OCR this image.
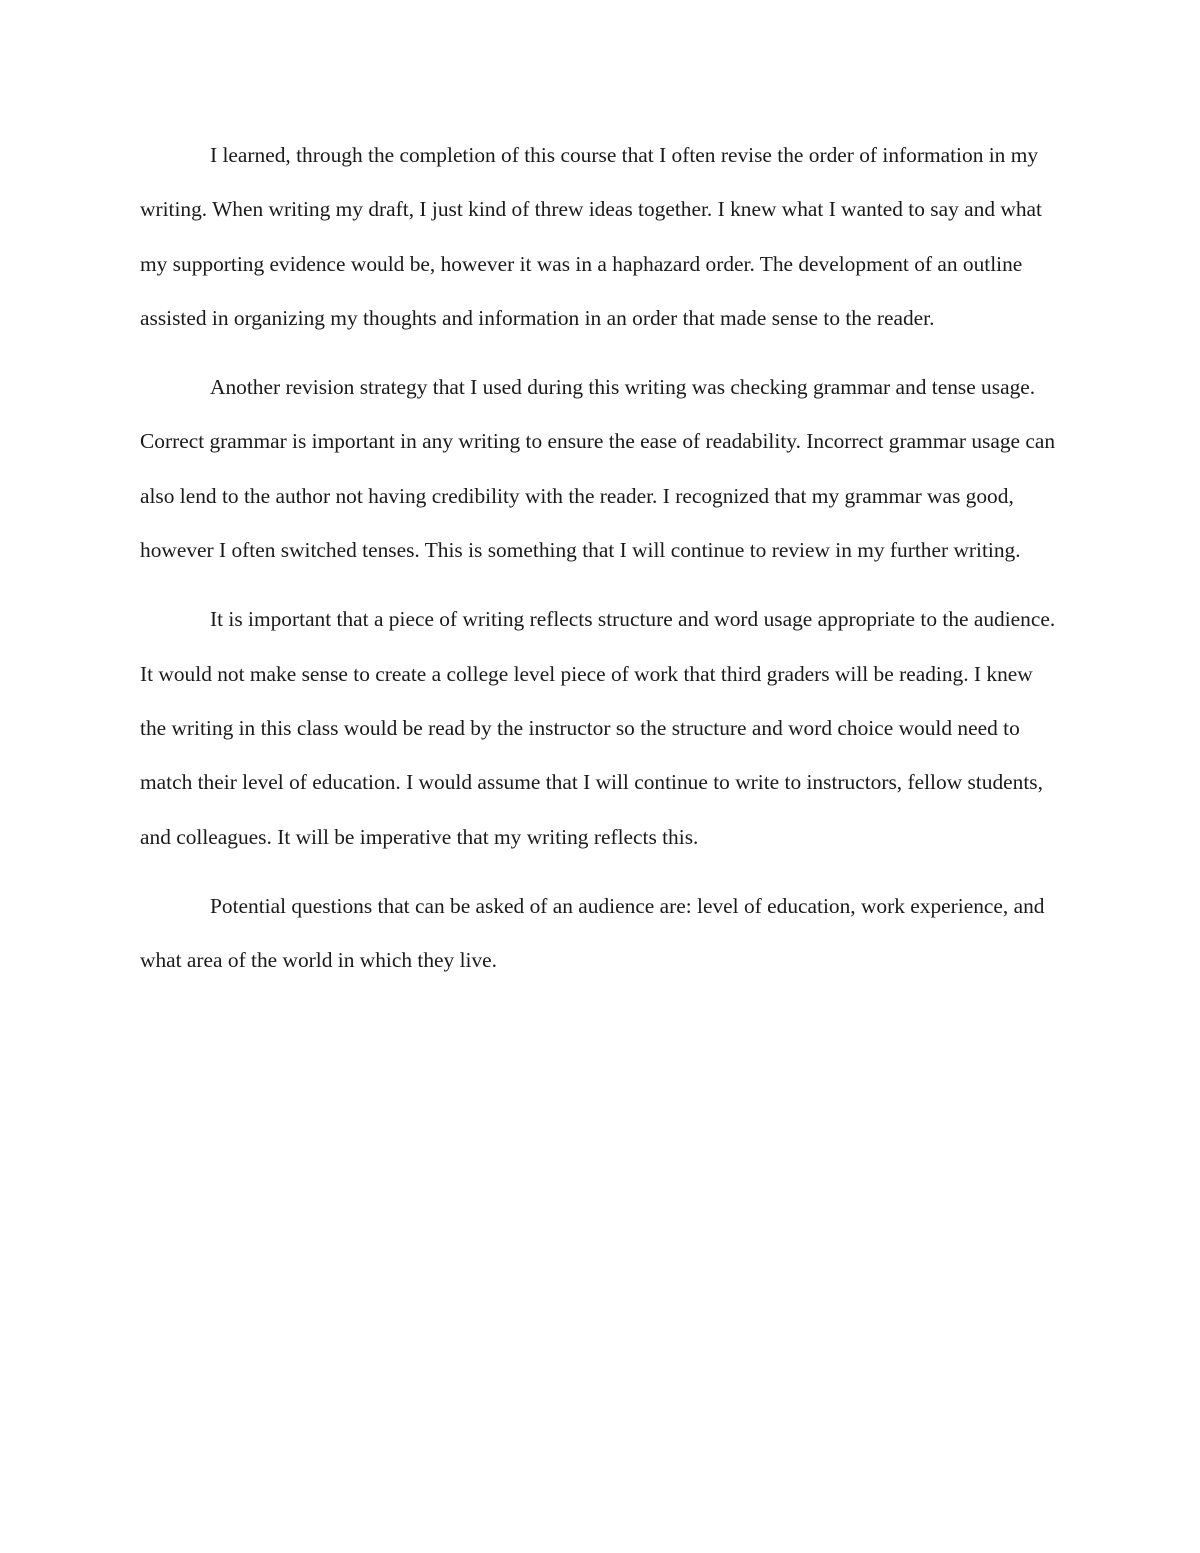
I learned, through the completion of this course that I often revise the order of information in my writing. When writing my draft, I just kind of threw ideas together. I knew what I wanted to say and what my supporting evidence would be, however it was in a haphazard order. The development of an outline assisted in organizing my thoughts and information in an order that made sense to the reader.

Another revision strategy that I used during this writing was checking grammar and tense usage. Correct grammar is important in any writing to ensure the ease of readability. Incorrect grammar usage can also lend to the author not having credibility with the reader. I recognized that my grammar was good, however I often switched tenses. This is something that I will continue to review in my further writing.

It is important that a piece of writing reflects structure and word usage appropriate to the audience. It would not make sense to create a college level piece of work that third graders will be reading. I knew the writing in this class would be read by the instructor so the structure and word choice would need to match their level of education. I would assume that I will continue to write to instructors, fellow students, and colleagues. It will be imperative that my writing reflects this.

Potential questions that can be asked of an audience are: level of education, work experience, and what area of the world in which they live.
